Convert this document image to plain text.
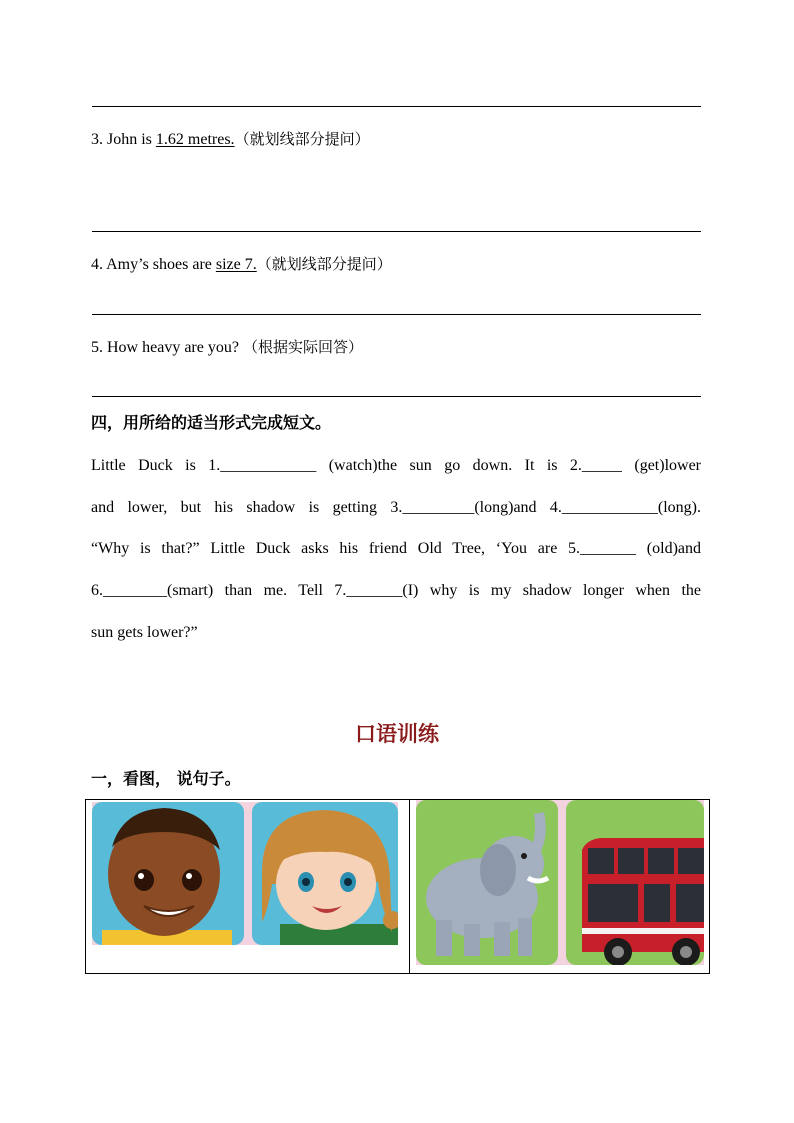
3. John is 1.62 metres.（就划线部分提问）
4. Amy’s shoes are size 7.（就划线部分提问）
5. How heavy are you? （根据实际回答）
四，用所给的适当形式完成短文。
Little Duck is 1.____________ (watch)the sun go down. It is 2._____ (get)lower
and lower, but his shadow is getting 3._________(long)and 4.____________(long).
“Why is that?” Little Duck asks his friend Old Tree, ‘You are 5._______ (old)and
6.________(smart) than me. Tell 7._______(I) why is my shadow longer when the
sun gets lower?”
口语训练
一，看图， 说句子。
